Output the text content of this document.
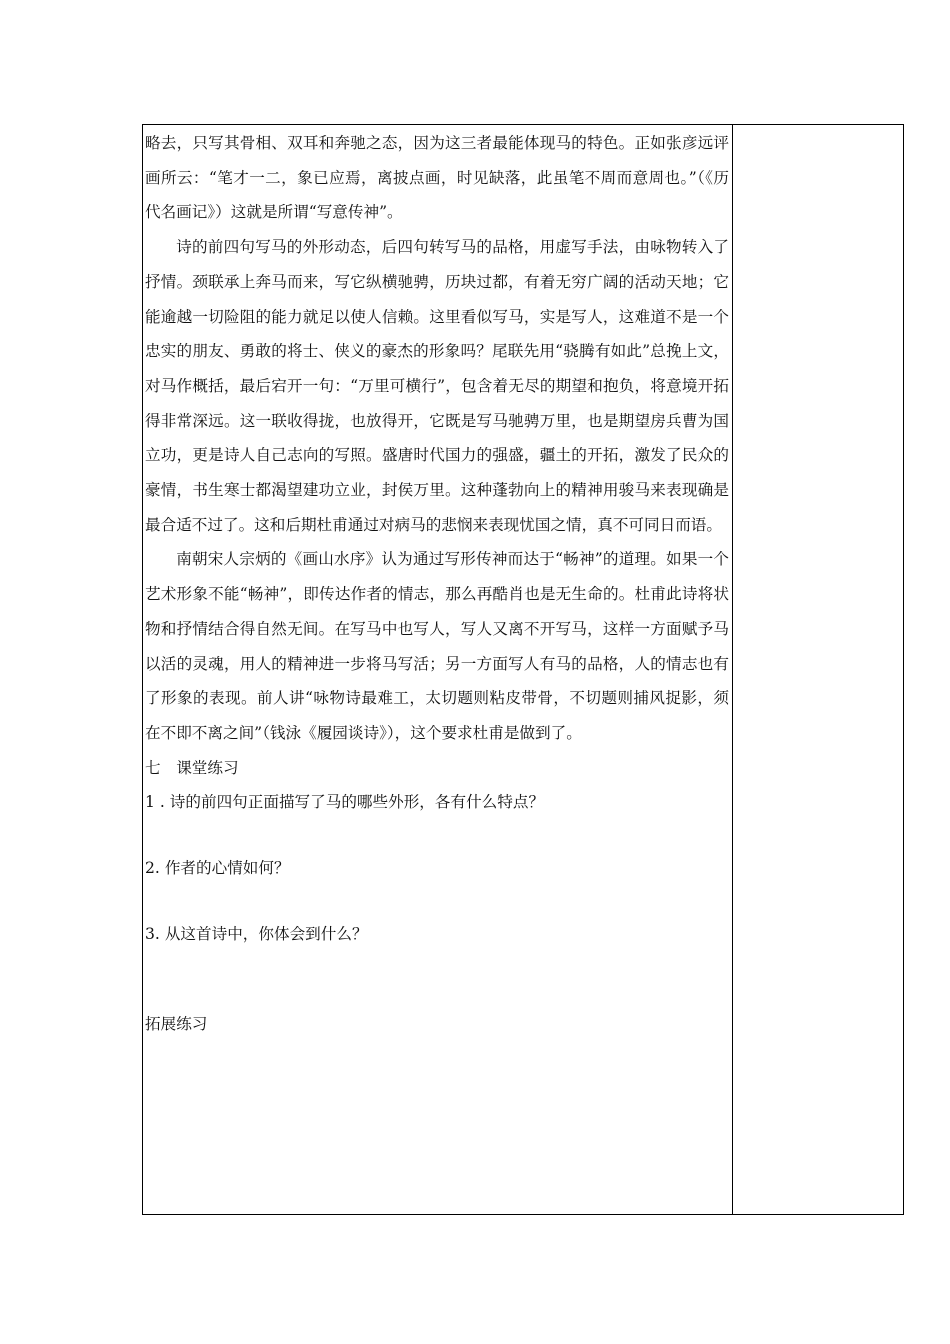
略去，只写其骨相、双耳和奔驰之态，因为这三者最能体现马的特色。正如张彦远评画所云：“笔才一二，象已应焉，离披点画，时见缺落，此虽笔不周而意周也。”（《历代名画记》）这就是所谓“写意传神”。

诗的前四句写马的外形动态，后四句转写马的品格，用虚写手法，由咏物转入了抒情。颈联承上奔马而来，写它纵横驰骋，历块过都，有着无穷广阔的活动天地；它能逾越一切险阻的能力就足以使人信赖。这里看似写马，实是写人，这难道不是一个忠实的朋友、勇敢的将士、侠义的豪杰的形象吗？尾联先用“骁腾有如此”总挽上文，对马作概括，最后宕开一句：“万里可横行”，包含着无尽的期望和抱负，将意境开拓得非常深远。这一联收得拢，也放得开，它既是写马驰骋万里，也是期望房兵曹为国立功，更是诗人自己志向的写照。盛唐时代国力的强盛，疆土的开拓，激发了民众的豪情，书生寒士都渴望建功立业，封侯万里。这种蓬勃向上的精神用骏马来表现确是最合适不过了。这和后期杜甫通过对病马的悲悯来表现忧国之情，真不可同日而语。

南朝宋人宗炳的《画山水序》认为通过写形传神而达于“畅神”的道理。如果一个艺术形象不能“畅神”，即传达作者的情志，那么再酷肖也是无生命的。杜甫此诗将状物和抒情结合得自然无间。在写马中也写人，写人又离不开写马，这样一方面赋予马以活的灵魂，用人的精神进一步将马写活；另一方面写人有马的品格，人的情志也有了形象的表现。前人讲“咏物诗最难工，太切题则粘皮带骨，不切题则捕风捉影，须在不即不离之间”（钱泳《履园谈诗》），这个要求杜甫是做到了。

七　课堂练习

1 . 诗的前四句正面描写了马的哪些外形，各有什么特点？

2. 作者的心情如何？

3. 从这首诗中，你体会到什么？

拓展练习
